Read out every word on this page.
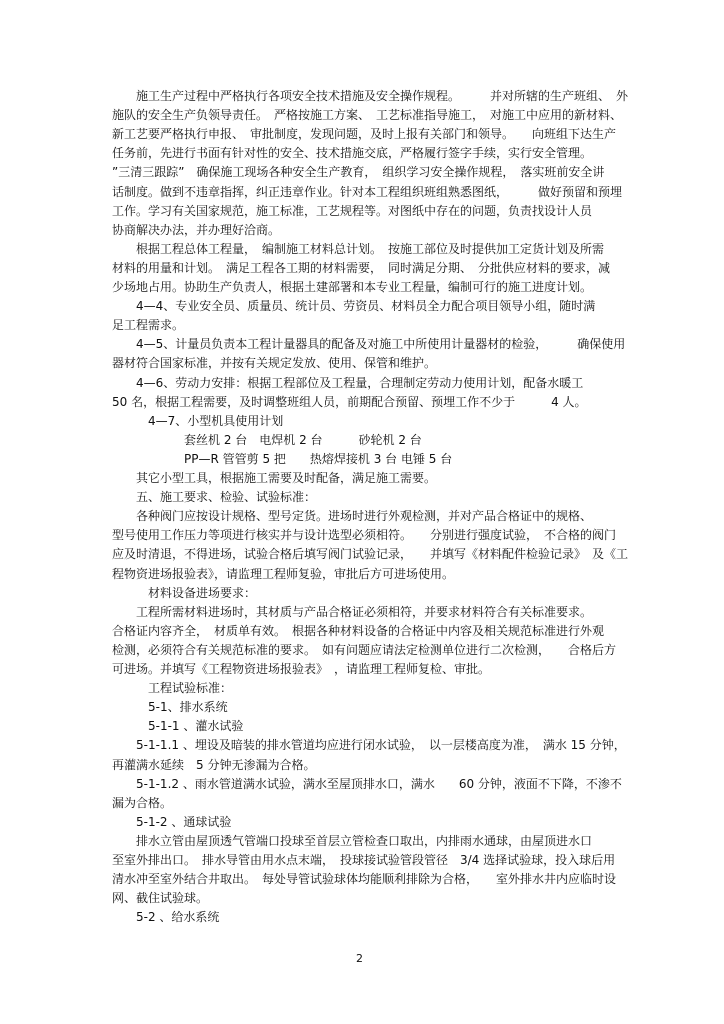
　　施工生产过程中严格执行各项安全技术措施及安全操作规程。　　　并对所辖的生产班组、　外
施队的安全生产负领导责任。　严格按施工方案、　工艺标准指导施工，　对施工中应用的新材料、
新工艺要严格执行申报、　审批制度，发现问题，及时上报有关部门和领导。　　向班组下达生产
任务前，先进行书面有针对性的安全、技术措施交底，严格履行签字手续，实行安全管理。
”三清三跟踪”　确保施工现场各种安全生产教育，　组织学习安全操作规程，　落实班前安全讲
话制度。做到不违章指挥，纠正违章作业。针对本工程组织班组熟悉图纸，　　　做好预留和预埋
工作。学习有关国家规范，施工标准，工艺规程等。对图纸中存在的问题，负责找设计人员
协商解决办法，并办理好洽商。
　　根据工程总体工程量，　编制施工材料总计划。　按施工部位及时提供加工定货计划及所需
材料的用量和计划。　满足工程各工期的材料需要，　同时满足分期、　分批供应材料的要求，减
少场地占用。协助生产负责人，根据土建部署和本专业工程量，编制可行的施工进度计划。
　　4—4、专业安全员、质量员、统计员、劳资员、材料员全力配合项目领导小组，随时满
足工程需求。
　　4—5、计量员负责本工程计量器具的配备及对施工中所使用计量器材的检验，　　　确保使用
器材符合国家标准，并按有关规定发放、使用、保管和维护。
　　4—6、劳动力安排：根据工程部位及工程量，合理制定劳动力使用计划，配备水暖工
50 名，根据工程需要，及时调整班组人员，前期配合预留、预埋工作不少于　　　4 人。
　　　4—7、小型机具使用计划
　　　　　　套丝机 2 台　电焊机 2 台　　　砂轮机 2 台
　　　　　　PP—R 管管剪 5 把　　热熔焊接机 3 台 电锤 5 台
　　其它小型工具，根据施工需要及时配备，满足施工需要。
　　五、施工要求、检验、试验标准：
　　各种阀门应按设计规格、型号定货。进场时进行外观检测，并对产品合格证中的规格、
型号使用工作压力等项进行核实并与设计选型必须相符。　　分别进行强度试验，　不合格的阀门
应及时清退，不得进场，试验合格后填写阀门试验记录，　　并填写《材料配件检验记录》　及《工
程物资进场报验表》，请监理工程师复验，审批后方可进场使用。
　　　材料设备进场要求：
　　工程所需材料进场时，其材质与产品合格证必须相符，并要求材料符合有关标准要求。
合格证内容齐全，　材质单有效。　根据各种材料设备的合格证中内容及相关规范标准进行外观
检测，必须符合有关规范标准的要求。　如有问题应请法定检测单位进行二次检测，　　合格后方
可进场。并填写《工程物资进场报验表》　，请监理工程师复检、审批。
　　　工程试验标准：
　　　5-1、排水系统
　　　5-1-1 、灌水试验
　　5-1-1.1 、埋设及暗装的排水管道均应进行闭水试验，　以一层楼高度为准，　满水 15 分钟，
再灌满水延续　5 分钟无渗漏为合格。
　　5-1-1.2 、雨水管道满水试验，满水至屋顶排水口，满水　　60 分钟，液面不下降，不渗不
漏为合格。
　　5-1-2 、通球试验
　　排水立管由屋顶透气管端口投球至首层立管检查口取出，内排雨水通球，由屋顶进水口
至室外排出口。　排水导管由用水点末端，　投球接试验管段管径　3/4 选择试验球，投入球后用
清水冲至室外结合井取出。　每处导管试验球体均能顺利排除为合格，　　室外排水井内应临时设
网、截住试验球。
　　5-2 、给水系统
2
